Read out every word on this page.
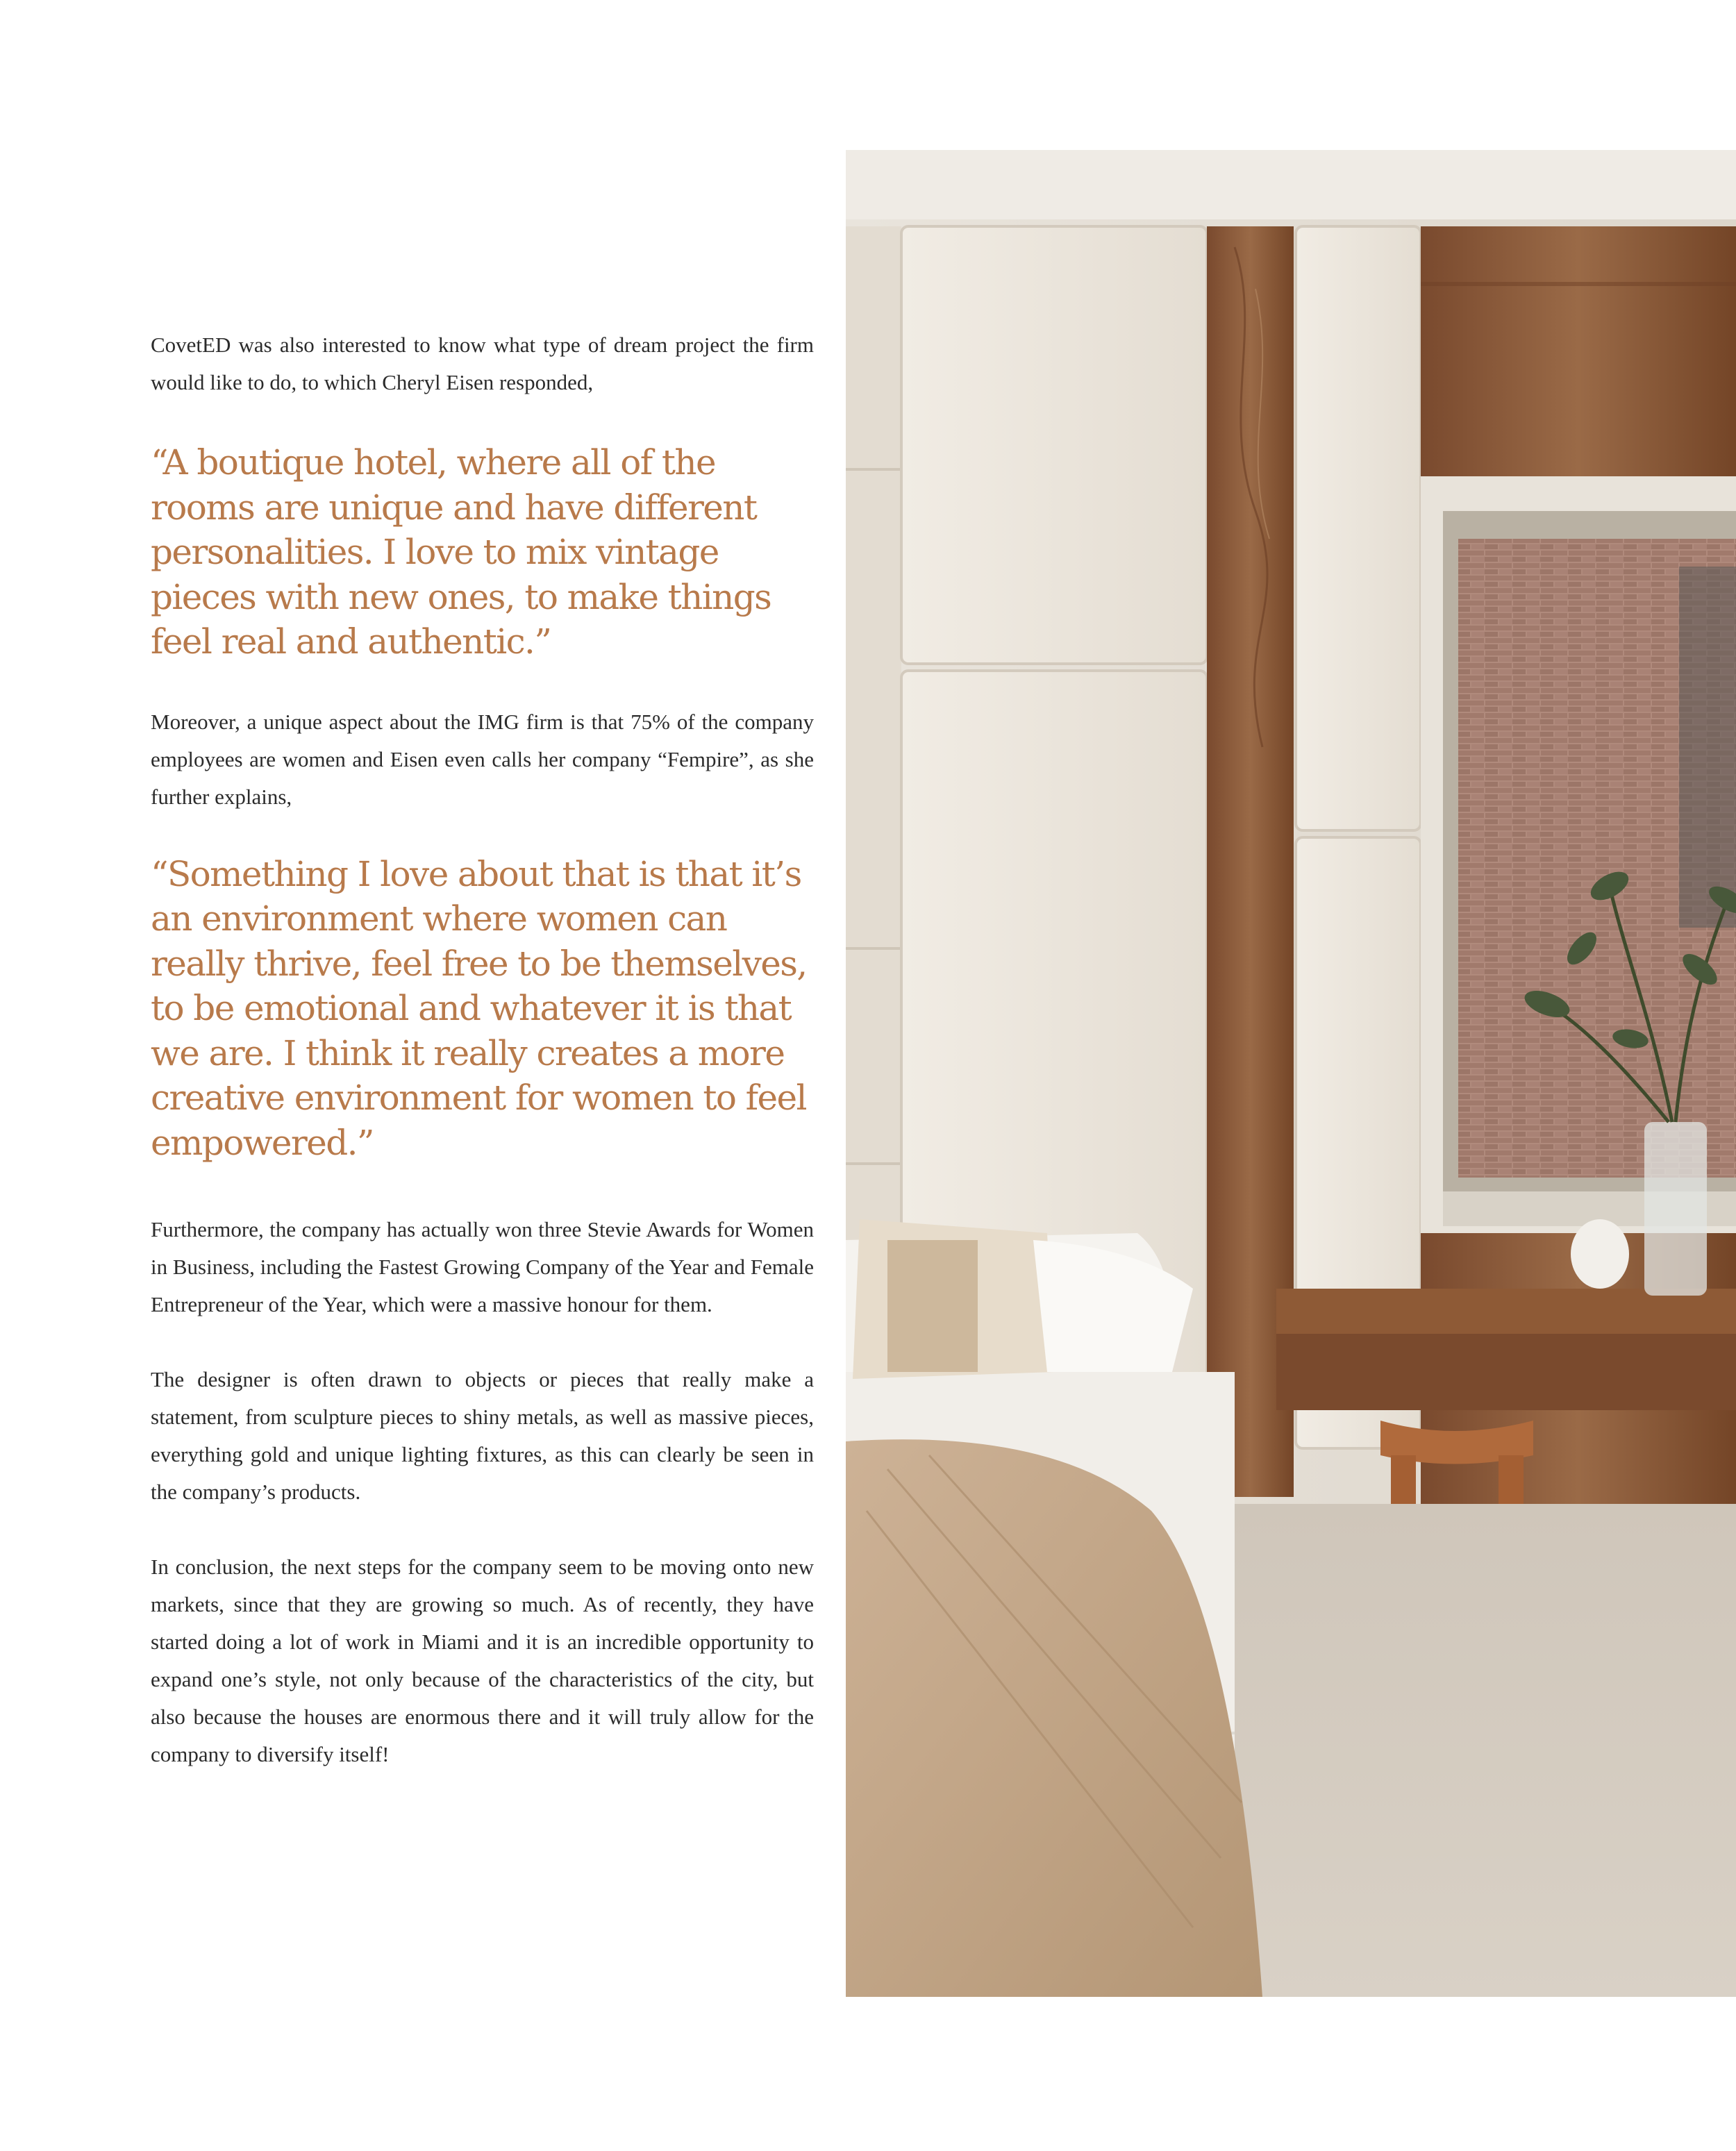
CovetED was also interested to know what type of dream project the firm would like to do, to which Cheryl Eisen responded,

“A boutique hotel, where all of the rooms are unique and have different personalities. I love to mix vintage pieces with new ones, to make things feel real and authentic.”

Moreover, a unique aspect about the IMG firm is that 75% of the company employees are women and Eisen even calls her company “Fempire”, as she further explains,

“Something I love about that is that it’s an environment where women can really thrive, feel free to be themselves, to be emotional and whatever it is that we are. I think it really creates a more creative environment for women to feel empowered.”

Furthermore, the company has actually won three Stevie Awards for Women in Business, including the Fastest Growing Company of the Year and Female Entrepreneur of the Year, which were a massive honour for them.

The designer is often drawn to objects or pieces that really make a statement, from sculpture pieces to shiny metals, as well as massive pieces, everything gold and unique lighting fixtures, as this can clearly be seen in the company’s products.

In conclusion, the next steps for the company seem to be moving onto new markets, since that they are growing so much. As of recently, they have started doing a lot of work in Miami and it is an incredible opportunity to expand one’s style, not only because of the characteristics of the city, but also because the houses are enormous there and it will truly allow for the company to diversify itself!
